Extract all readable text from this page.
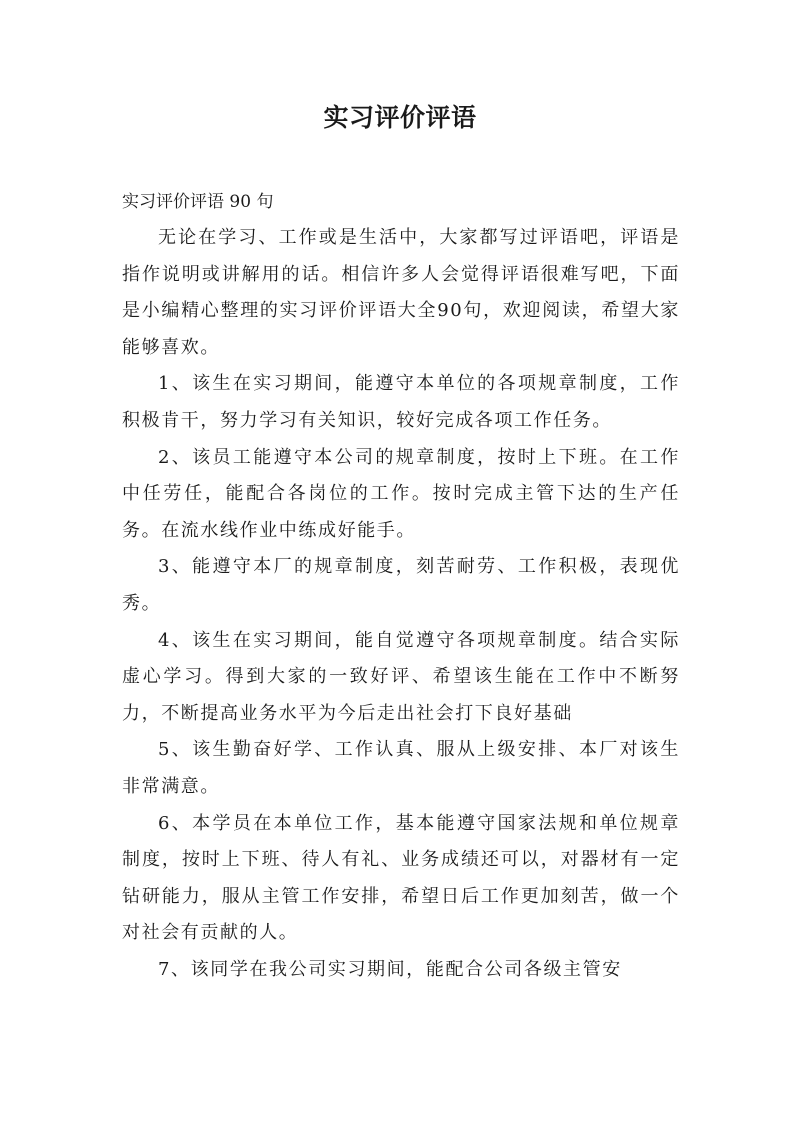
实习评价评语

实习评价评语 90 句

无论在学习、工作或是生活中，大家都写过评语吧，评语是指作说明或讲解用的话。相信许多人会觉得评语很难写吧，下面是小编精心整理的实习评价评语大全90句，欢迎阅读，希望大家能够喜欢。

1、该生在实习期间，能遵守本单位的各项规章制度，工作积极肯干，努力学习有关知识，较好完成各项工作任务。

2、该员工能遵守本公司的规章制度，按时上下班。在工作中任劳任，能配合各岗位的工作。按时完成主管下达的生产任务。在流水线作业中练成好能手。

3、能遵守本厂的规章制度，刻苦耐劳、工作积极，表现优秀。

4、该生在实习期间，能自觉遵守各项规章制度。结合实际虚心学习。得到大家的一致好评、希望该生能在工作中不断努力，不断提高业务水平为今后走出社会打下良好基础

5、该生勤奋好学、工作认真、服从上级安排、本厂对该生非常满意。

6、本学员在本单位工作，基本能遵守国家法规和单位规章制度，按时上下班、待人有礼、业务成绩还可以，对器材有一定钻研能力，服从主管工作安排，希望日后工作更加刻苦，做一个对社会有贡献的人。

7、该同学在我公司实习期间，能配合公司各级主管安
